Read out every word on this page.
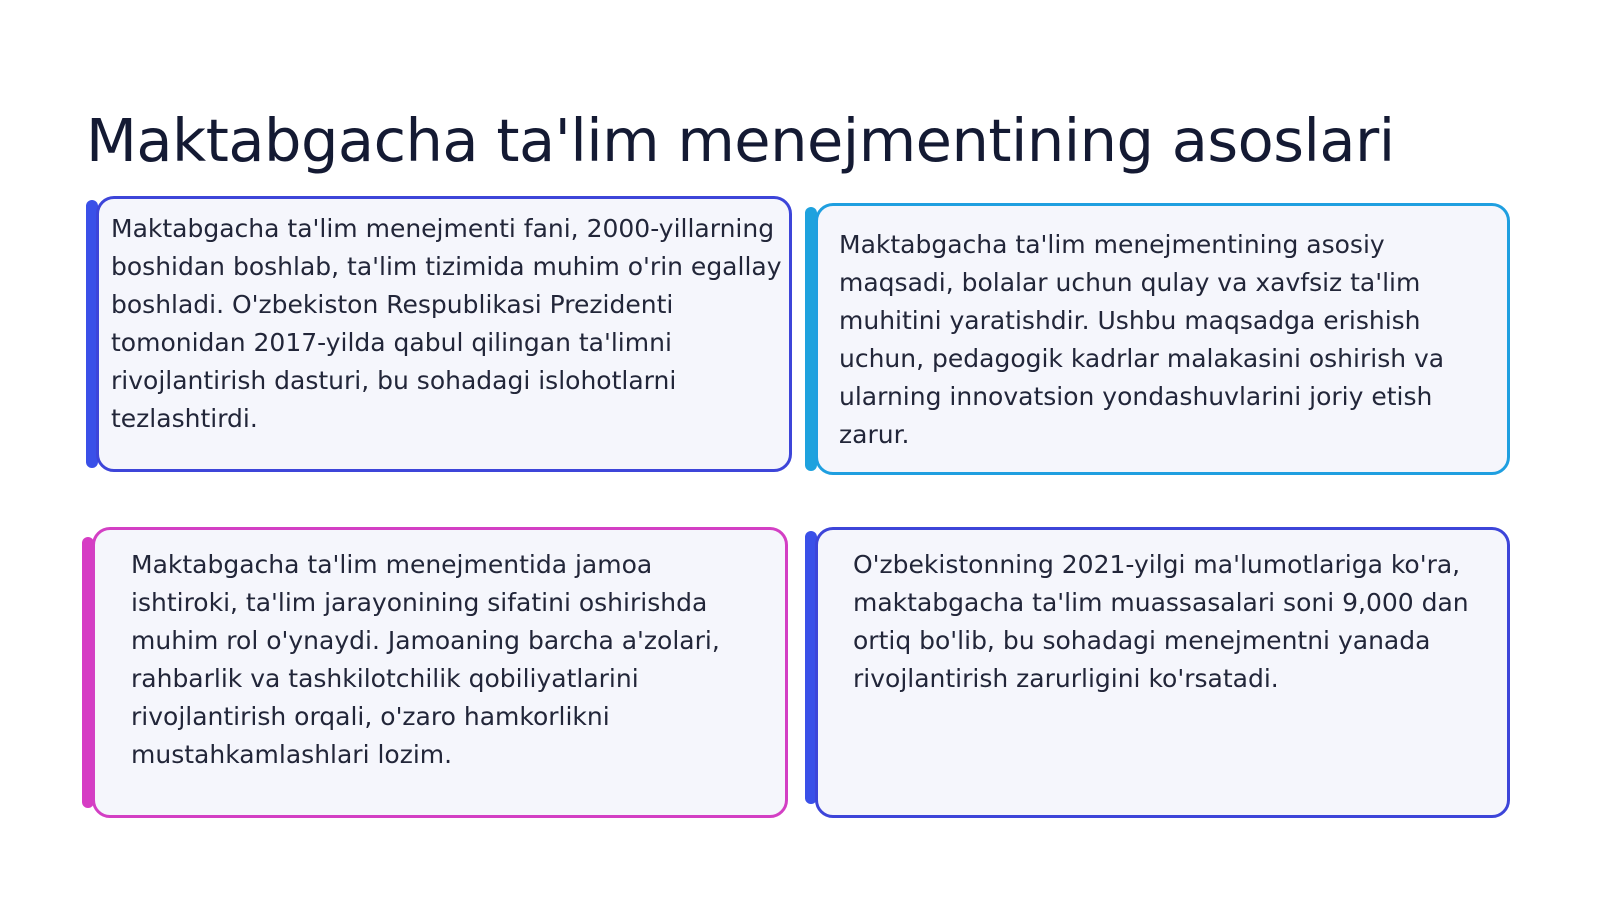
Maktabgacha ta'lim menejmentining asoslari

Maktabgacha ta'lim menejmenti fani, 2000-yillarning boshidan boshlab, ta'lim tizimida muhim o'rin egallay boshladi. O'zbekiston Respublikasi Prezidenti tomonidan 2017-yilda qabul qilingan ta'limni rivojlantirish dasturi, bu sohadagi islohotlarni tezlashtirdi.

Maktabgacha ta'lim menejmentining asosiy maqsadi, bolalar uchun qulay va xavfsiz ta'lim muhitini yaratishdir. Ushbu maqsadga erishish uchun, pedagogik kadrlar malakasini oshirish va ularning innovatsion yondashuvlarini joriy etish zarur.

Maktabgacha ta'lim menejmentida jamoa ishtiroki, ta'lim jarayonining sifatini oshirishda muhim rol o'ynaydi. Jamoaning barcha a'zolari, rahbarlik va tashkilotchilik qobiliyatlarini rivojlantirish orqali, o'zaro hamkorlikni mustahkamlashlari lozim.

O'zbekistonning 2021-yilgi ma'lumotlariga ko'ra, maktabgacha ta'lim muassasalari soni 9,000 dan ortiq bo'lib, bu sohadagi menejmentni yanada rivojlantirish zarurligini ko'rsatadi.
